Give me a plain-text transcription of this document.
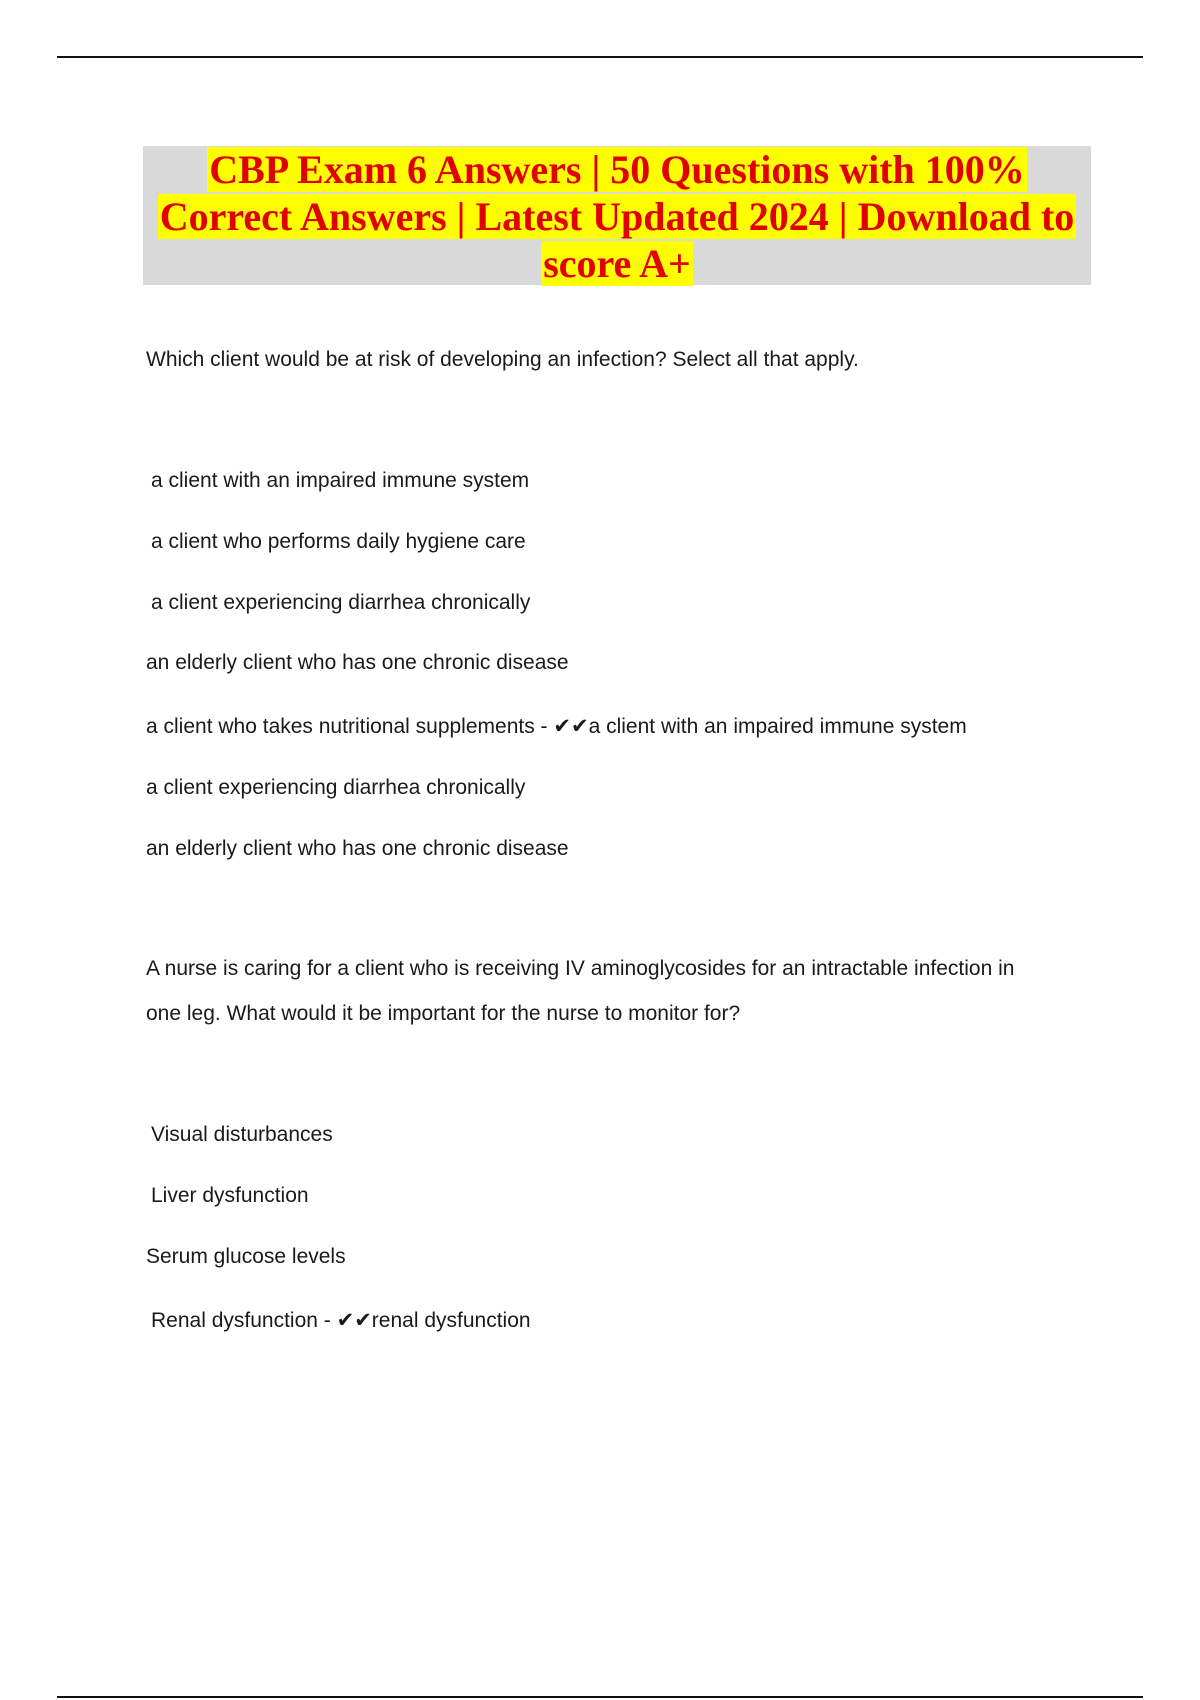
CBP Exam 6 Answers | 50 Questions with 100%
Correct Answers | Latest Updated 2024 | Download to
score A+
Which client would be at risk of developing an infection? Select all that apply.
a client with an impaired immune system
a client who performs daily hygiene care
a client experiencing diarrhea chronically
an elderly client who has one chronic disease
a client who takes nutritional supplements - ✔✔a client with an impaired immune system
a client experiencing diarrhea chronically
an elderly client who has one chronic disease
A nurse is caring for a client who is receiving IV aminoglycosides for an intractable infection in
one leg. What would it be important for the nurse to monitor for?
Visual disturbances
Liver dysfunction
Serum glucose levels
Renal dysfunction - ✔✔renal dysfunction
